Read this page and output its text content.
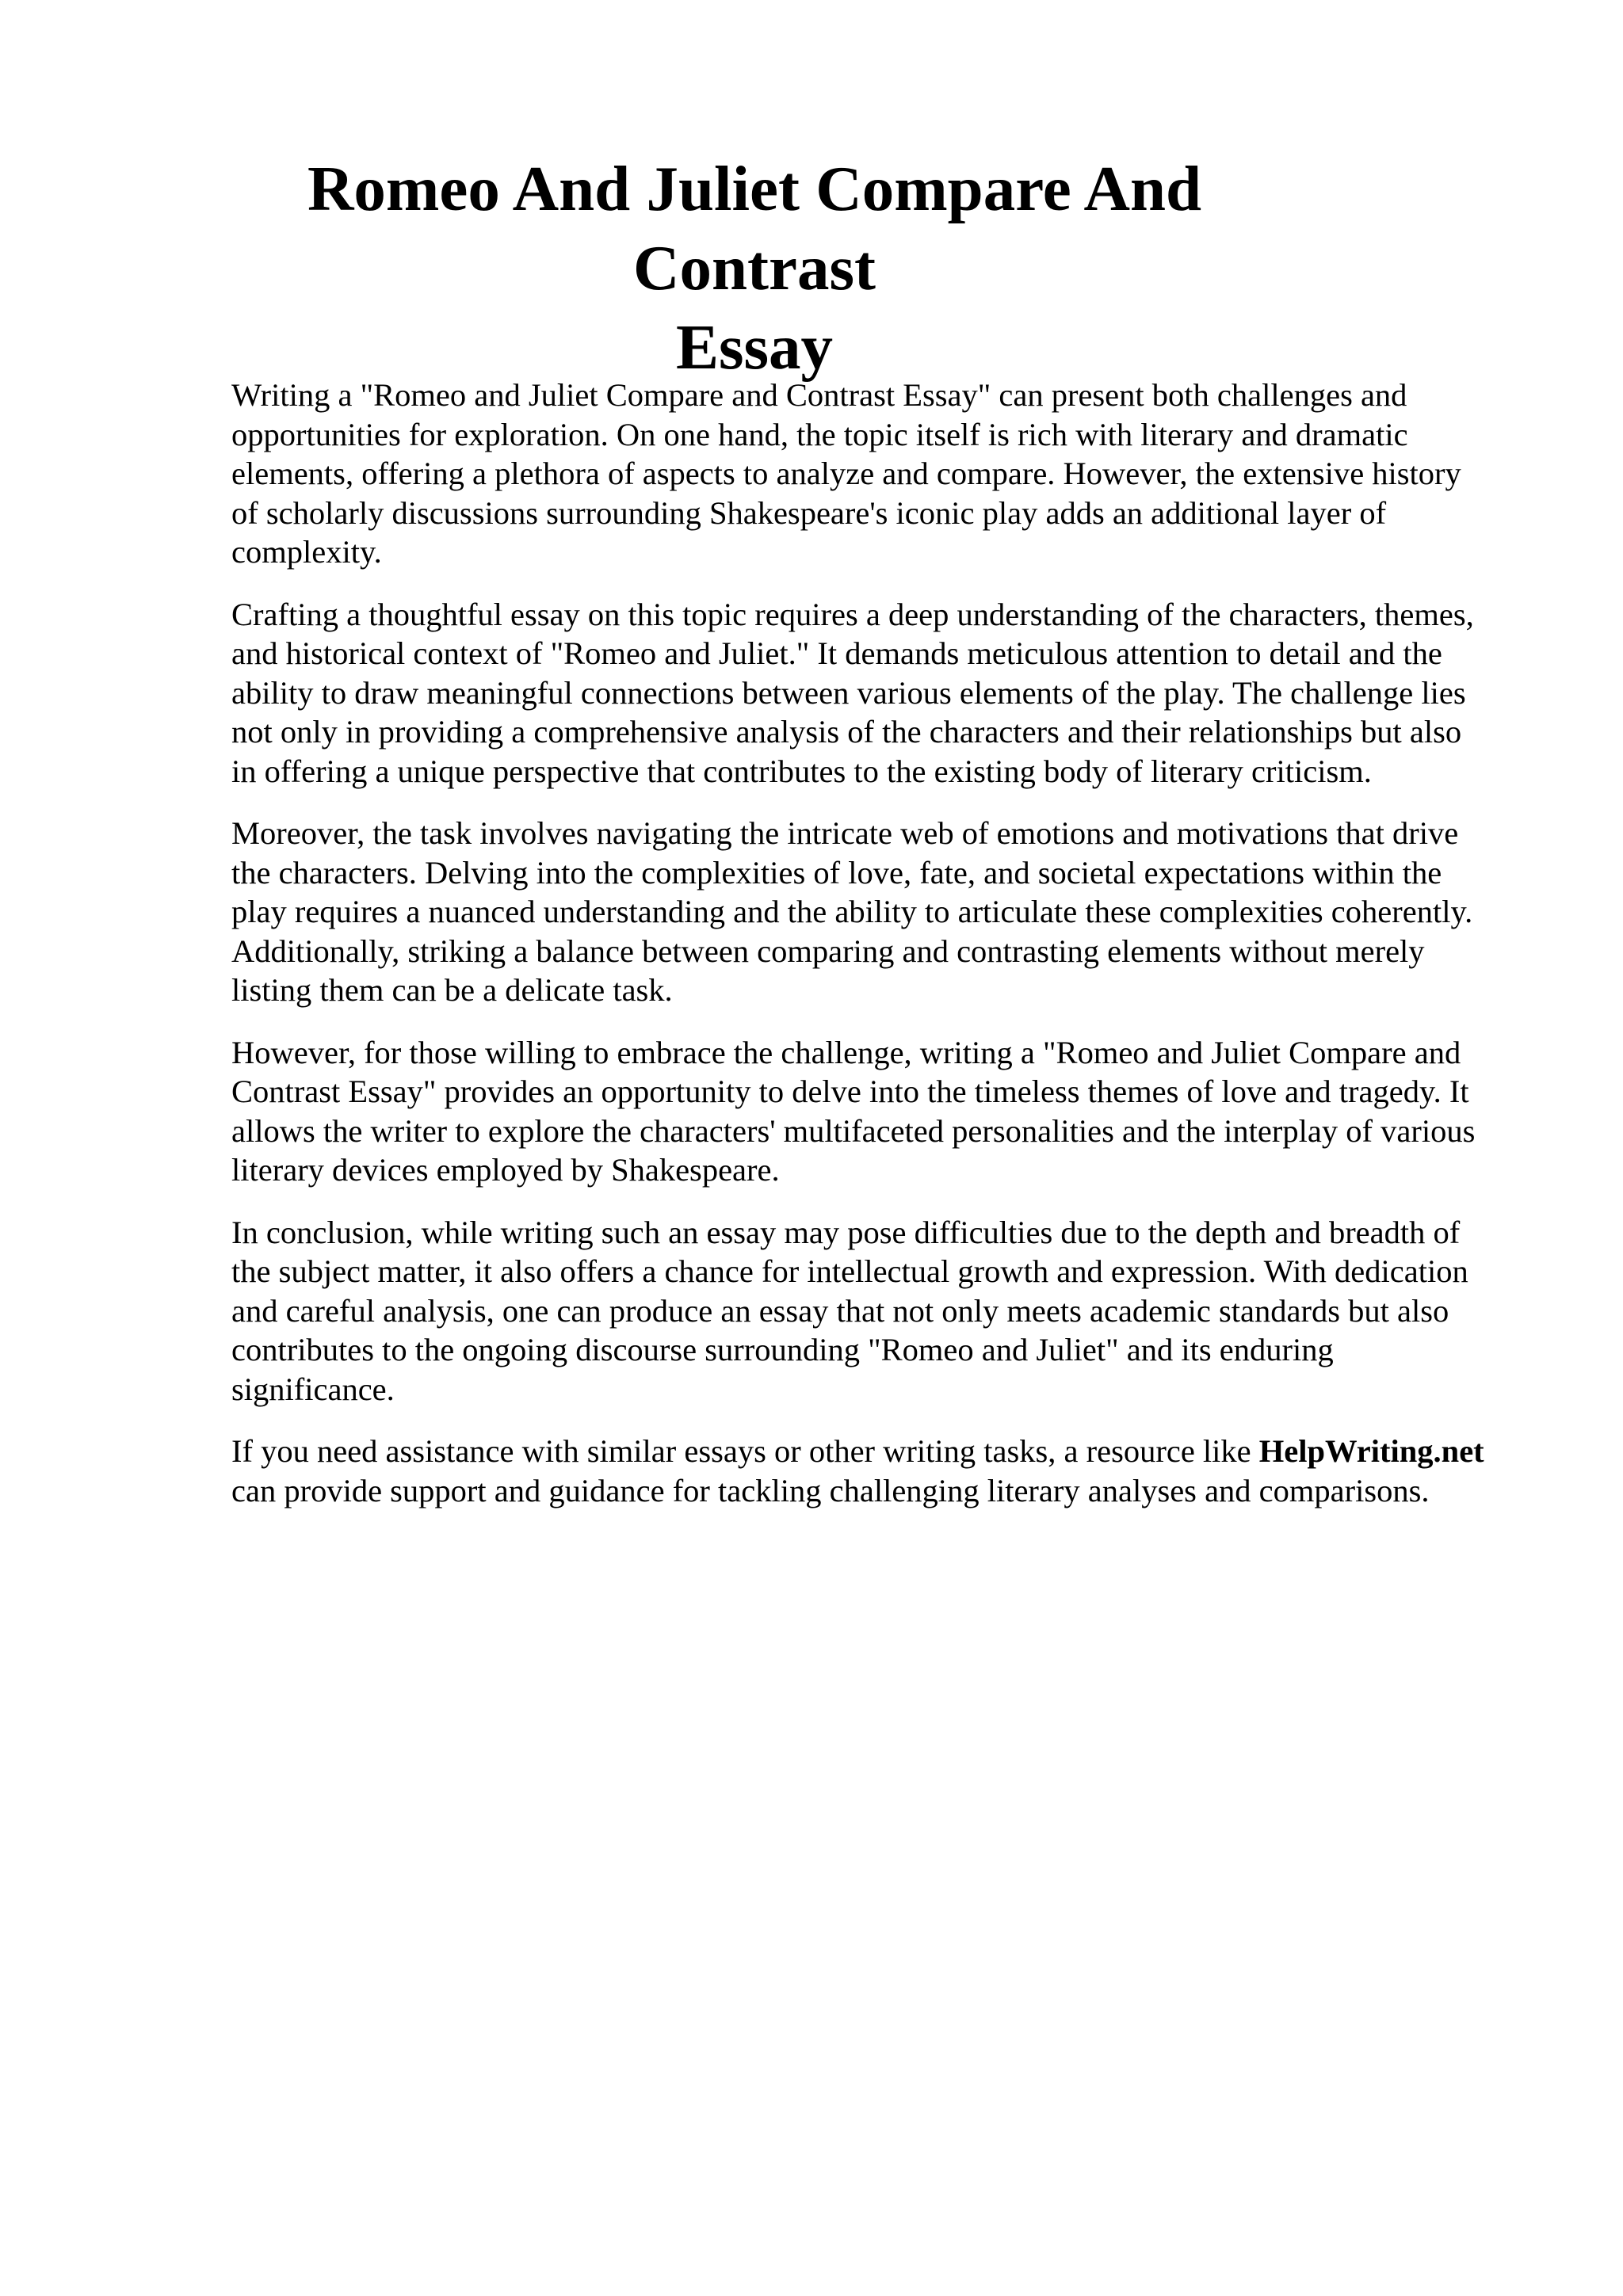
Romeo And Juliet Compare And Contrast
Essay

Writing a "Romeo and Juliet Compare and Contrast Essay" can present both challenges and
opportunities for exploration. On one hand, the topic itself is rich with literary and dramatic
elements, offering a plethora of aspects to analyze and compare. However, the extensive history
of scholarly discussions surrounding Shakespeare's iconic play adds an additional layer of
complexity.

Crafting a thoughtful essay on this topic requires a deep understanding of the characters, themes,
and historical context of "Romeo and Juliet." It demands meticulous attention to detail and the
ability to draw meaningful connections between various elements of the play. The challenge lies
not only in providing a comprehensive analysis of the characters and their relationships but also
in offering a unique perspective that contributes to the existing body of literary criticism.

Moreover, the task involves navigating the intricate web of emotions and motivations that drive
the characters. Delving into the complexities of love, fate, and societal expectations within the
play requires a nuanced understanding and the ability to articulate these complexities coherently.
Additionally, striking a balance between comparing and contrasting elements without merely
listing them can be a delicate task.

However, for those willing to embrace the challenge, writing a "Romeo and Juliet Compare and
Contrast Essay" provides an opportunity to delve into the timeless themes of love and tragedy. It
allows the writer to explore the characters' multifaceted personalities and the interplay of various
literary devices employed by Shakespeare.

In conclusion, while writing such an essay may pose difficulties due to the depth and breadth of
the subject matter, it also offers a chance for intellectual growth and expression. With dedication
and careful analysis, one can produce an essay that not only meets academic standards but also
contributes to the ongoing discourse surrounding "Romeo and Juliet" and its enduring
significance.

If you need assistance with similar essays or other writing tasks, a resource like HelpWriting.net
can provide support and guidance for tackling challenging literary analyses and comparisons.
